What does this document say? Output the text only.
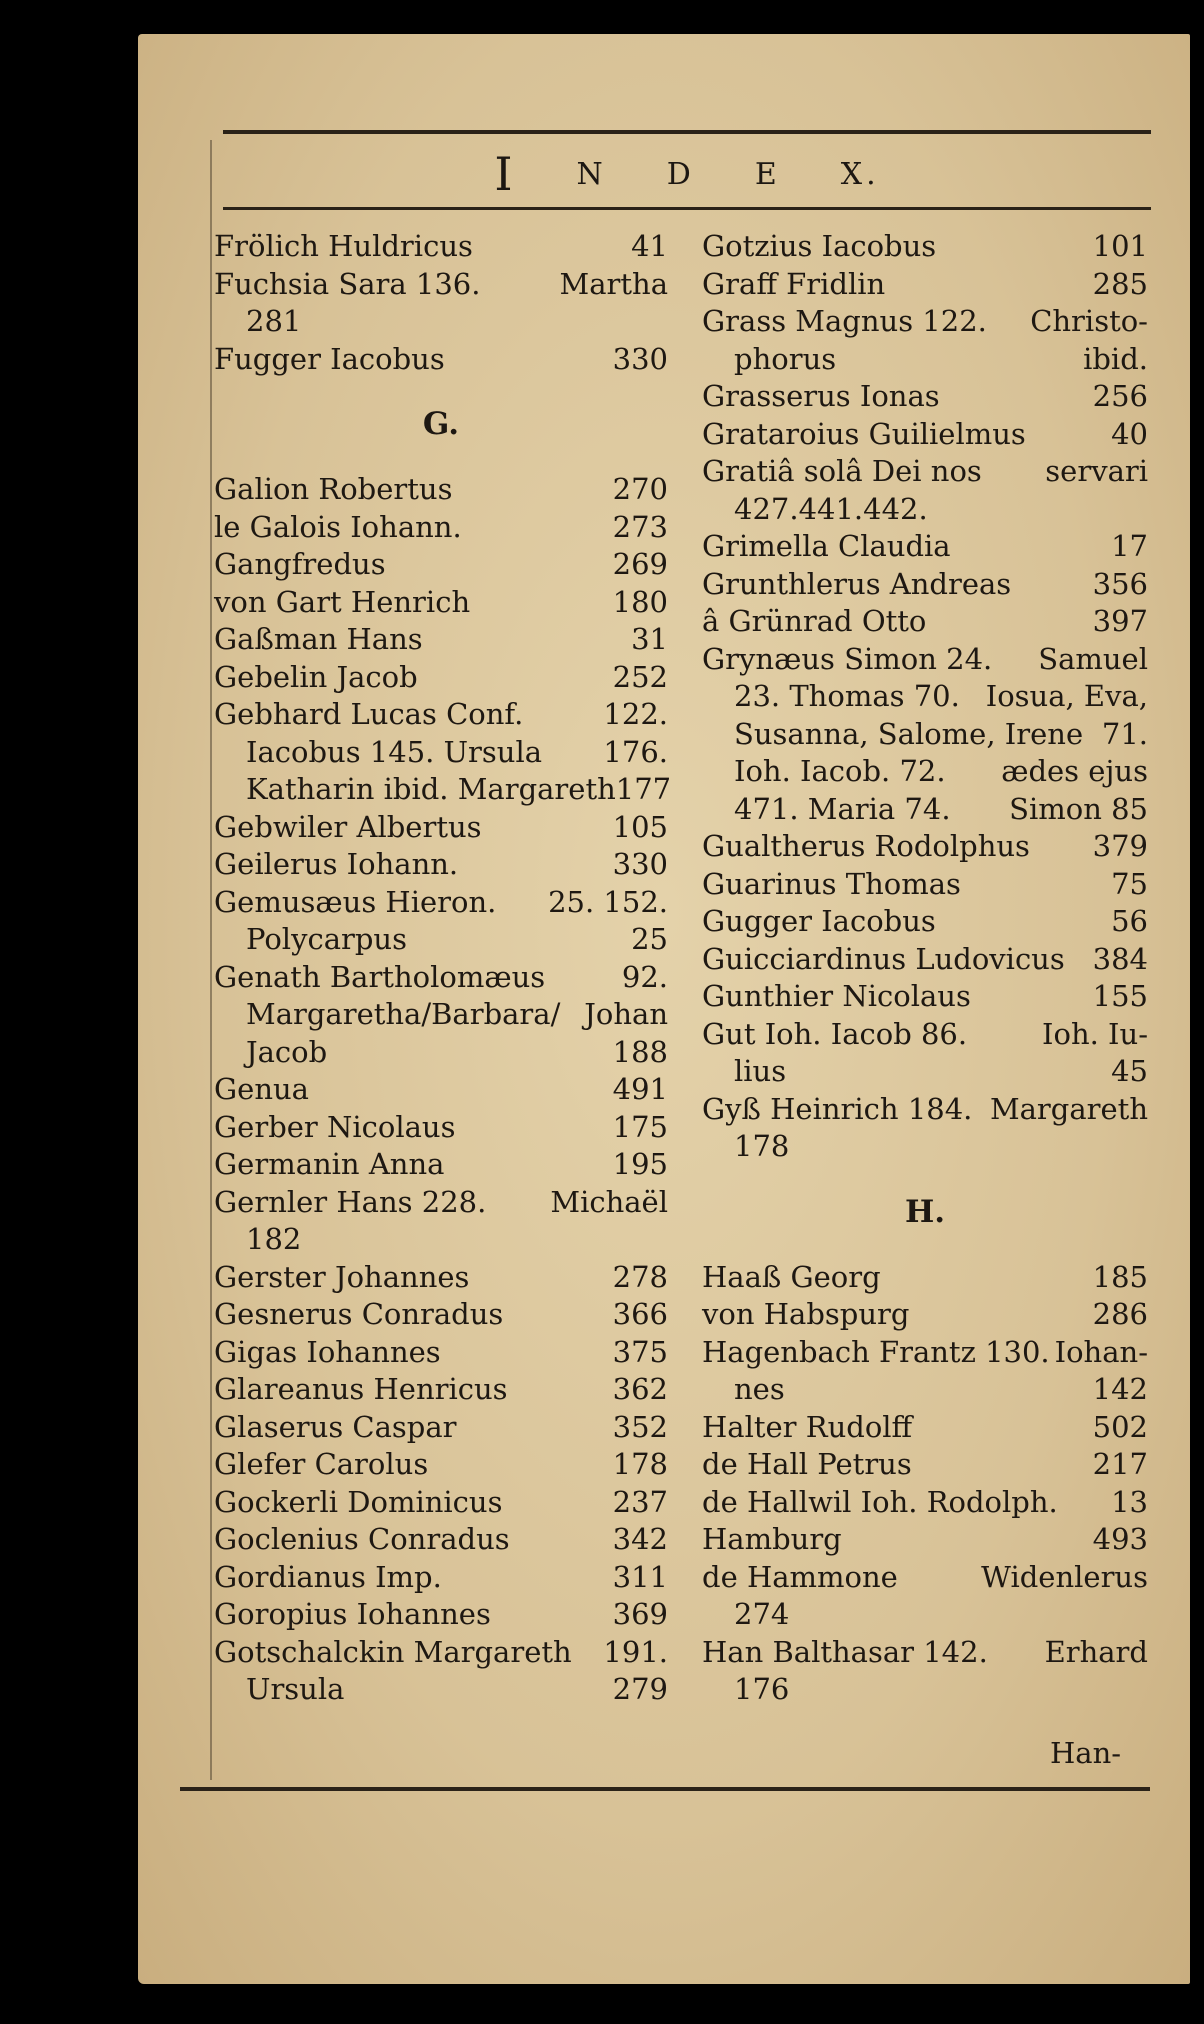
I N D E X.
Frölich Huldricus	41
Fuchsia Sara 136.	Martha
281
Fugger Iacobus	330
G.
Galion Robertus	270
le Galois Iohann.	273
Gangfredus	269
von Gart Henrich	180
Gaßman Hans	31
Gebelin Jacob	252
Gebhard Lucas Conf.	122.
Iacobus 145. Ursula 176.
Katharin ibid. Margareth 177
Gebwiler Albertus	105
Geilerus Iohann.	330
Gemusæus Hieron. 25. 152.
Polycarpus	25
Genath Bartholomæus	92.
Margaretha/Barbara/ Johan
Jacob	188
Genua	491
Gerber Nicolaus	175
Germanin Anna	195
Gernler Hans 228. Michaël
182
Gerster Johannes	278
Gesnerus Conradus	366
Gigas Iohannes	375
Glareanus Henricus	362
Glaserus Caspar	352
Glefer Carolus	178
Gockerli Dominicus	237
Goclenius Conradus	342
Gordianus Imp.	311
Goropius Iohannes	369
Gotschalckin Margareth 191.
Ursula	279
Gotzius Iacobus	101
Graff Fridlin	285
Grass Magnus 122. Christo-
phorus	ibid.
Grasserus Ionas	256
Grataroius Guilielmus	40
Gratiâ solâ Dei nos servari
427.441.442.
Grimella Claudia	17
Grunthlerus Andreas	356
â Grünrad Otto	397
Grynæus Simon 24. Samuel
23. Thomas 70. Iosua, Eva,
Susanna, Salome, Irene 71.
Ioh. Iacob. 72. ædes ejus
471. Maria 74. Simon 85
Gualtherus Rodolphus 379
Guarinus Thomas	75
Gugger Iacobus	56
Guicciardinus Ludovicus 384
Gunthier Nicolaus	155
Gut Ioh. Iacob 86.	Ioh. Iu-
lius	45
Gyß Heinrich 184. Margareth
178
H.
Haaß Georg	185
von Habspurg	286
Hagenbach Frantz 130. Iohan-
nes	142
Halter Rudolff	502
de Hall Petrus	217
de Hallwil Ioh. Rodolph. 13
Hamburg	493
de Hammone	Widenlerus
274
Han Balthasar 142. Erhard
176
Han-
